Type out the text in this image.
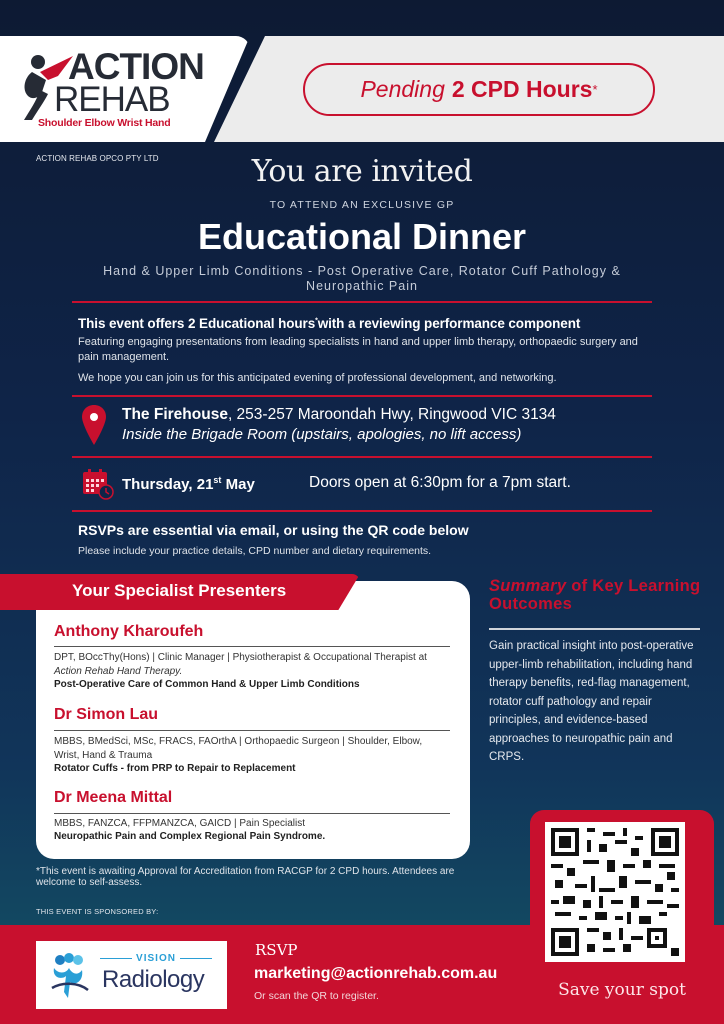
ACTION
REHAB
Shoulder Elbow Wrist Hand
Pending 2 CPD Hours *
ACTION REHAB OPCO PTY LTD	You are invited
TO ATTEND AN EXCLUSIVE GP
Educational Dinner
Hand & Upper Limb Conditions - Post Operative Care, Rotator Cuff Pathology & Neuropathic Pain
This event offers 2 Educational hours*with a reviewing performance component
Featuring engaging presentations from leading specialists in hand and upper limb therapy, orthopaedic surgery and pain management.
We hope you can join us for this anticipated evening of professional development, and networking.
The Firehouse, 253-257 Maroondah Hwy, Ringwood VIC 3134
Inside the Brigade Room (upstairs, apologies, no lift access)
Thursday, 21st May	Doors open at 6:30pm for a 7pm start.
RSVPs are essential via email, or using the QR code below
Please include your practice details, CPD number and dietary requirements.
Your Specialist Presenters
Anthony Kharoufeh
DPT, BOccThy(Hons) | Clinic Manager | Physiotherapist & Occupational Therapist at Action Rehab Hand Therapy.
Post-Operative Care of Common Hand & Upper Limb Conditions
Dr Simon Lau
MBBS, BMedSci, MSc, FRACS, FAOrthA | Orthopaedic Surgeon | Shoulder, Elbow, Wrist, Hand & Trauma
Rotator Cuffs - from PRP to Repair to Replacement
Dr Meena Mittal
MBBS, FANZCA, FFPMANZCA, GAICD | Pain Specialist
Neuropathic Pain and Complex Regional Pain Syndrome.
Summary of Key Learning Outcomes
Gain practical insight into post-operative upper-limb rehabilitation, including hand therapy benefits, red-flag management, rotator cuff pathology and repair principles, and evidence-based approaches to neuropathic pain and CRPS.
*This event is awaiting Approval for Accreditation from RACGP for 2 CPD hours. Attendees are welcome to self-assess.
THIS EVENT IS SPONSORED BY:
VISION
Radiology
RSVP
marketing@actionrehab.com.au
Or scan the QR to register.	Save your spot
